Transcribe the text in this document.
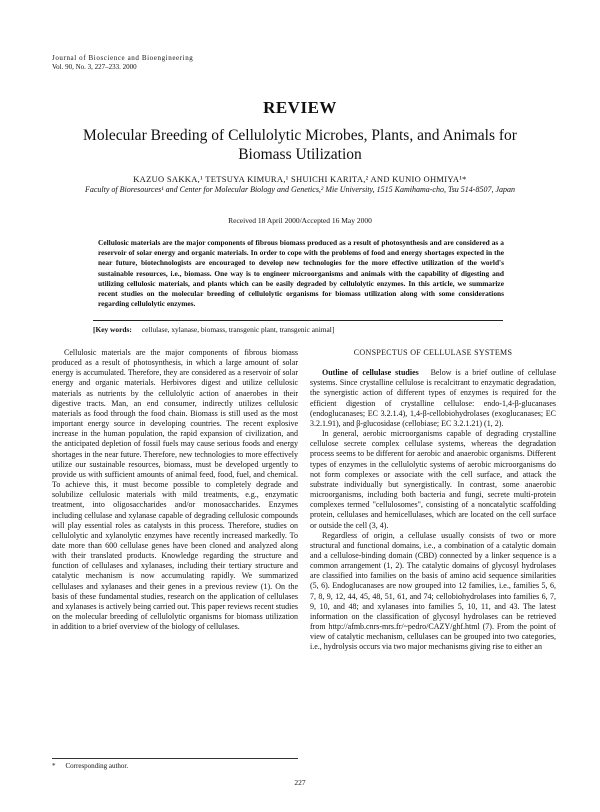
Journal of Bioscience and Bioengineering
Vol. 90, No. 3, 227–233. 2000
REVIEW
Molecular Breeding of Cellulolytic Microbes, Plants, and Animals for Biomass Utilization
KAZUO SAKKA,¹ TETSUYA KIMURA,¹ SHUICHI KARITA,² AND KUNIO OHMIYA¹*
Faculty of Bioresources¹ and Center for Molecular Biology and Genetics,² Mie University, 1515 Kamihama-cho, Tsu 514-8507, Japan
Received 18 April 2000/Accepted 16 May 2000
Cellulosic materials are the major components of fibrous biomass produced as a result of photosynthesis and are considered as a reservoir of solar energy and organic materials. In order to cope with the problems of food and energy shortages expected in the near future, biotechnologists are encouraged to develop new technologies for the more effective utilization of the world's sustainable resources, i.e., biomass. One way is to engineer microorganisms and animals with the capability of digesting and utilizing cellulosic materials, and plants which can be easily degraded by cellulolytic enzymes. In this article, we summarize recent studies on the molecular breeding of cellulolytic organisms for biomass utilization along with some considerations regarding cellulolytic enzymes.
[Key words: cellulase, xylanase, biomass, transgenic plant, transgenic animal]

Cellulosic materials are the major components of fibrous biomass produced as a result of photosynthesis, in which a large amount of solar energy is accumulated. Therefore, they are considered as a reservoir of solar energy and organic materials. Herbivores digest and utilize cellulosic materials as nutrients by the cellulolytic action of anaerobes in their digestive tracts. Man, an end consumer, indirectly utilizes cellulosic materials as food through the food chain. Biomass is still used as the most important energy source in developing countries. The recent explosive increase in the human population, the rapid expansion of civilization, and the anticipated depletion of fossil fuels may cause serious foods and energy shortages in the near future. Therefore, new technologies to more effectively utilize our sustainable resources, biomass, must be developed urgently to provide us with sufficient amounts of animal feed, food, fuel, and chemical. To achieve this, it must become possible to completely degrade and solubilize cellulosic materials with mild treatments, e.g., enzymatic treatment, into oligosaccharides and/or monosaccharides. Enzymes including cellulase and xylanase capable of degrading cellulosic compounds will play essential roles as catalysts in this process. Therefore, studies on cellulolytic and xylanolytic enzymes have recently increased markedly. To date more than 600 cellulase genes have been cloned and analyzed along with their translated products. Knowledge regarding the structure and function of cellulases and xylanases, including their tertiary structure and catalytic mechanism is now accumulating rapidly. We summarized cellulases and xylanases and their genes in a previous review (1). On the basis of these fundamental studies, research on the application of cellulases and xylanases is actively being carried out. This paper reviews recent studies on the molecular breeding of cellulolytic organisms for biomass utilization in addition to a brief overview of the biology of cellulases.

CONSPECTUS OF CELLULASE SYSTEMS

Outline of cellulase studies Below is a brief outline of cellulase systems. Since crystalline cellulose is recalcitrant to enzymatic degradation, the synergistic action of different types of enzymes is required for the efficient digestion of crystalline cellulose: endo-1,4-β-glucanases (endoglucanases; EC 3.2.1.4), 1,4-β-cellobiohydrolases (exoglucanases; EC 3.2.1.91), and β-glucosidase (cellobiase; EC 3.2.1.21) (1, 2).

In general, aerobic microorganisms capable of degrading crystalline cellulose secrete complex cellulase systems, whereas the degradation process seems to be different for aerobic and anaerobic organisms. Different types of enzymes in the cellulolytic systems of aerobic microorganisms do not form complexes or associate with the cell surface, and attack the substrate individually but synergistically. In contrast, some anaerobic microorganisms, including both bacteria and fungi, secrete multi-protein complexes termed "cellulosomes", consisting of a noncatalytic scaffolding protein, cellulases and hemicellulases, which are located on the cell surface or outside the cell (3, 4).

Regardless of origin, a cellulase usually consists of two or more structural and functional domains, i.e., a combination of a catalytic domain and a cellulose-binding domain (CBD) connected by a linker sequence is a common arrangement (1, 2). The catalytic domains of glycosyl hydrolases are classified into families on the basis of amino acid sequence similarities (5, 6). Endoglucanases are now grouped into 12 families, i.e., families 5, 6, 7, 8, 9, 12, 44, 45, 48, 51, 61, and 74; cellobiohydrolases into families 6, 7, 9, 10, and 48; and xylanases into families 5, 10, 11, and 43. The latest information on the classification of glycosyl hydrolases can be retrieved from http://afmb.cnrs-mrs.fr/~pedro/CAZY/ghf.html (7). From the point of view of catalytic mechanism, cellulases can be grouped into two categories, i.e., hydrolysis occurs via two major mechanisms giving rise to either an

* Corresponding author.
227
